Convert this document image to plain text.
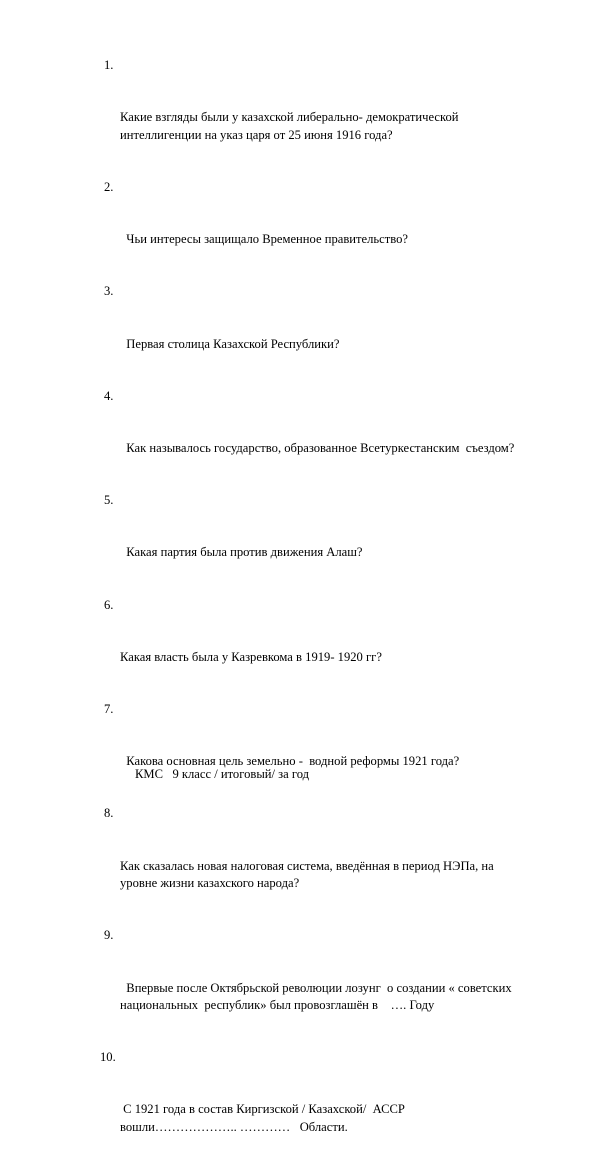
1.

Какие взгляды были у казахской либерально- демократической
интеллигенции на указ царя от 25 июня 1916 года?

2.

Чьи интересы защищало Временное правительство?

3.

Первая столица Казахской Республики?

4.

Как называлось государство, образованное Всетуркестанским  съездом?

5.

Какая партия была против движения Алаш?

6.

Какая власть была у Казревкома в 1919- 1920 гг?

7.

Какова основная цель земельно -  водной реформы 1921 года?

8.

Как сказалась новая налоговая система, введённая в период НЭПа, на
уровне жизни казахского народа?

9.

Впервые после Октябрьской революции лозунг  о создании « советских
национальных  республик» был провозглашён в    …. Году

10.

С 1921 года в состав Киргизской / Казахской/  АССР
вошли……………….. …………   Области.

КМС   9 класс / итоговый/ за год
